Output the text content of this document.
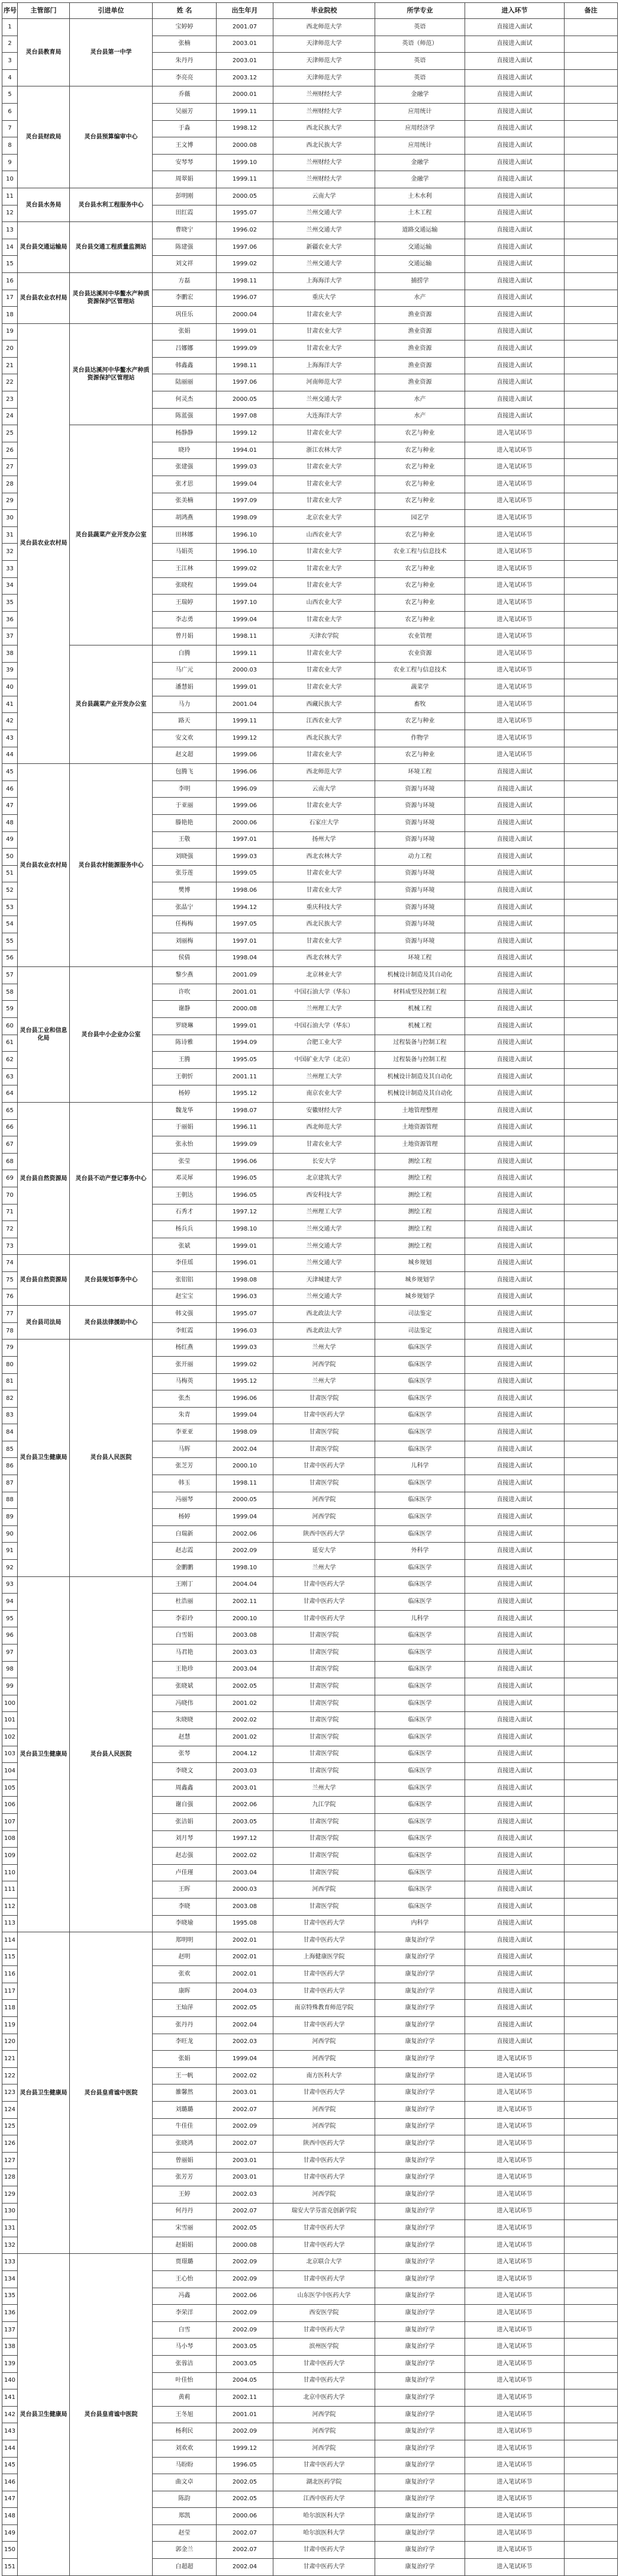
序号	主管部门	引进单位	姓 名	出生年月	毕业院校	所学专业	进入环节	备注
1	灵台县教育局	灵台县第一中学	宝婷婷	2001.07	西北师范大学	英语	直接进入面试	
2			张楠	2003.01	天津师范大学	英语（师范）	直接进入面试	
3			朱丹丹	2003.01	天津师范大学	英语	直接进入面试	
4			李亮亮	2003.12	天津师范大学	英语	直接进入面试	
5	灵台县财政局	灵台县预算编审中心	乔薇	2000.01	兰州财经大学	金融学	直接进入面试	
6			吴丽芳	1999.11	兰州财经大学	应用统计	直接进入面试	
7			于淼	1998.12	西北民族大学	应用经济学	直接进入面试	
8			王文博	2000.08	西北民族大学	应用统计	直接进入面试	
9			安琴琴	1999.10	兰州财经大学	金融学	直接进入面试	
10			周翠娟	1999.11	兰州财经大学	金融学	直接进入面试	
11	灵台县水务局	灵台县水利工程服务中心	彭明刚	2000.05	云南大学	土木水利	直接进入面试	
12			田红霞	1995.07	兰州交通大学	土木工程	直接进入面试	
13	灵台县交通运输局	灵台县交通工程质量监测站	曹晓宁	1996.02	兰州交通大学	道路交通运输	直接进入面试	
14			陈建强	1997.06	新疆农业大学	交通运输	直接进入面试	
15			刘文祥	1999.02	兰州交通大学	交通运输	直接进入面试	
16	灵台县农业农村局	灵台县达溪河中华鳖水产种质资源保护区管理站	方磊	1998.11	上海海洋大学	捕捞学	直接进入面试	
17			李鹏宏	1996.07	重庆大学	水产	直接进入面试	
18			巩佳乐	2000.04	甘肃农业大学	渔业资源	直接进入面试	
19	灵台县农业农村局	灵台县达溪河中华鳖水产种质资源保护区管理站	张娟	1999.01	甘肃农业大学	渔业资源	直接进入面试	
20			吕娜娜	1999.09	甘肃农业大学	渔业资源	直接进入面试	
21			韩鑫鑫	1998.11	上海海洋大学	渔业资源	直接进入面试	
22			陆丽丽	1997.06	河南师范大学	渔业资源	直接进入面试	
23			何灵杰	2000.05	兰州交通大学	水产	直接进入面试	
24			陈蓝强	1997.08	大连海洋大学	水产	直接进入面试	
25		灵台县蔬菜产业开发办公室	杨静静	1999.12	甘肃农业大学	农艺与种业	进入笔试环节	
26			晓玲	1994.01	浙江农林大学	农艺与种业	进入笔试环节	
27			张建强	1999.03	甘肃农业大学	农艺与种业	进入笔试环节	
28			张才思	1999.04	甘肃农业大学	农艺与种业	进入笔试环节	
29			张美楠	1997.09	甘肃农业大学	农艺与种业	进入笔试环节	
30			胡鸿燕	1998.09	北京农业大学	园艺学	进入笔试环节	
31			田林娜	1996.10	山西农业大学	农艺与种业	进入笔试环节	
32			马娟英	1996.10	甘肃农业大学	农业工程与信息技术	进入笔试环节	
33			王江林	1999.02	甘肃农业大学	农艺与种业	进入笔试环节	
34			张晓程	1999.04	甘肃农业大学	农艺与种业	进入笔试环节	
35			王瑞婷	1997.10	山西农业大学	农艺与种业	进入笔试环节	
36			李志勇	1999.04	甘肃农业大学	农艺与种业	进入笔试环节	
37			曾月娟	1998.11	天津农学院	农业管理	进入笔试环节	
38		灵台县蔬菜产业开发办公室	白腾	1999.11	甘肃农业大学	农业资源	进入笔试环节	
39			马广元	2000.03	甘肃农业大学	农业工程与信息技术	进入笔试环节	
40			潘慧娟	1999.01	甘肃农业大学	蔬菜学	进入笔试环节	
41			马力	2001.04	西藏民族大学	畜牧	进入笔试环节	
42			路天	1999.11	江西农业大学	农艺与种业	进入笔试环节	
43			安文欢	1999.12	西北民族大学	作物学	进入笔试环节	
44			赵文超	1999.06	甘肃农业大学	农艺与种业	进入笔试环节	
45	灵台县农业农村局	灵台县农村能源服务中心	包腾飞	1996.06	西北师范大学	环境工程	直接进入面试	
46			李明	1996.09	云南大学	资源与环境	直接进入面试	
47			于亚丽	1999.06	甘肃农业大学	资源与环境	直接进入面试	
48			滕艳艳	2000.06	石家庄大学	资源与环境	直接进入面试	
49			王敬	1997.01	扬州大学	资源与环境	直接进入面试	
50			刘晓强	1999.03	西北农林大学	动力工程	直接进入面试	
51			张芬莲	1999.05	甘肃农业大学	资源与环境	直接进入面试	
52			樊博	1998.06	甘肃农业大学	资源与环境	直接进入面试	
53			张晶宁	1994.12	重庆科技大学	资源与环境	直接进入面试	
54			任梅梅	1997.05	西北民族大学	资源与环境	直接进入面试	
55			刘丽梅	1997.01	甘肃农业大学	资源与环境	直接进入面试	
56			侯倩	1998.04	西北农林大学	环境工程	直接进入面试	
57	灵台县工业和信息化局	灵台县中小企业办公室	黎少燕	2001.09	北京林业大学	机械设计制造及其自动化	直接进入面试	
58			许吹	2001.01	中国石油大学（华东）	材料成型及控制工程	直接进入面试	
59			谢静	2000.08	兰州理工大学	机械工程	直接进入面试	
60			罗晓琳	1999.01	中国石油大学（华东）	机械工程	直接进入面试	
61			陈诗雅	1994.09	合肥工业大学	过程装备与控制工程	直接进入面试	
62			王腾	1995.05	中国矿业大学（北京）	过程装备与控制工程	直接进入面试	
63			王朝忻	2001.11	兰州理工大学	机械设计制造及其自动化	直接进入面试	
64			杨婷	1995.12	南京农业大学	机械设计制造及其自动化	直接进入面试	
65	灵台县自然资源局	灵台县不动产登记事务中心	魏龙华	1998.07	安徽财经大学	土地管理整理	直接进入面试	
66			于丽娟	1996.11	西北师范大学	土地资源管理	直接进入面试	
67			张永怡	1999.09	甘肃农业大学	土地资源管理	直接进入面试	
68			张莹	1996.06	长安大学	测绘工程	直接进入面试	
69			邓灵犀	1996.05	北京建筑大学	测绘工程	直接进入面试	
70			王朝达	1996.05	西安科技大学	测绘工程	直接进入面试	
71			石秀才	1997.12	兰州理工大学	测绘工程	直接进入面试	
72			杨兵兵	1998.10	兰州交通大学	测绘工程	直接进入面试	
73			张斌	1999.01	兰州交通大学	测绘工程	直接进入面试	
74	灵台县自然资源局	灵台县规划事务中心	李佳瑶	1996.01	兰州交通大学	城乡规划	直接进入面试	
75			张铝铝	1998.08	天津城建大学	城乡规划学	直接进入面试	
76			赵宝宝	1996.03	兰州交通大学	城乡规划学	直接进入面试	
77	灵台县司法局	灵台县法律援助中心	韩文强	1995.07	西北政法大学	司法鉴定	直接进入面试	
78			李虹霞	1996.03	西北政法大学	司法鉴定	直接进入面试	
79	灵台县卫生健康局	灵台县人民医院	杨红燕	1999.03	兰州大学	临床医学	直接进入面试	
80			张开丽	1999.02	河西学院	临床医学	直接进入面试	
81			马梅英	1995.12	兰州大学	临床医学	直接进入面试	
82			张杰	1996.06	甘肃医学院	临床医学	直接进入面试	
83			朱青	1999.04	甘肃中医药大学	临床医学	直接进入面试	
84			李亚亚	1998.09	甘肃医学院	临床医学	直接进入面试	
85			马辉	2002.04	甘肃医学院	临床医学	直接进入面试	
86			张芝芳	2000.10	甘肃中医药大学	儿科学	直接进入面试	
87			韩玉	1998.11	甘肃医学院	临床医学	直接进入面试	
88			冯丽琴	2000.05	河西学院	临床医学	直接进入面试	
89			杨婷	1999.04	河西学院	临床医学	直接进入面试	
90			白瑞新	2002.06	陕西中医药大学	临床医学	直接进入面试	
91			赵志霞	2002.09	延安大学	外科学	直接进入面试	
92			金鹏鹏	1998.10	兰州大学	临床医学	直接进入面试	
93	灵台县卫生健康局	灵台县人民医院	王刚丁	2004.04	甘肃中医药大学	临床医学	直接进入面试	
94			杜浩丽	2002.11	甘肃中医药大学	临床医学	直接进入面试	
95			李彩玲	2000.10	甘肃中医药大学	儿科学	直接进入面试	
96			白雪娟	2003.08	甘肃医学院	临床医学	直接进入面试	
97			马君艳	2003.03	甘肃医学院	临床医学	直接进入面试	
98			王艳珍	2003.04	甘肃医学院	临床医学	直接进入面试	
99			张晓斌	2002.05	甘肃医学院	临床医学	直接进入面试	
100			冯晓伟	2001.02	甘肃医学院	临床医学	直接进入面试	
101			朱晓晓	2002.02	甘肃医学院	临床医学	直接进入面试	
102			赵慧	2001.02	甘肃医学院	临床医学	直接进入面试	
103			张琴	2004.12	甘肃医学院	临床医学	直接进入面试	
104			李晓文	2003.03	甘肃医学院	临床医学	直接进入面试	
105			周鑫鑫	2003.01	兰州大学	临床医学	直接进入面试	
106			谢自强	2002.06	九江学院	临床医学	直接进入面试	
107			张洁娟	2003.05	甘肃医学院	临床医学	直接进入面试	
108			刘月琴	1997.12	甘肃医学院	临床医学	直接进入面试	
109			赵志强	2002.02	甘肃医学院	临床医学	直接进入面试	
110			卢佳瑾	2003.04	甘肃医学院	临床医学	直接进入面试	
111			王晖	2000.03	河西学院	临床医学	直接进入面试	
112			李晓	2003.08	甘肃医学院	临床医学	直接进入面试	
113			李晓瑜	1995.08	甘肃中医药大学	内科学	直接进入面试	
114	灵台县卫生健康局	灵台县皇甫谧中医院	郑明明	2002.01	甘肃中医药大学	康复治疗学	直接进入面试	
115			赵明	2002.01	上海健康医学院	康复治疗学	直接进入面试	
116			张欢	2002.01	甘肃中医药大学	康复治疗学	直接进入面试	
117			康晖	2004.03	甘肃中医药大学	康复治疗学	直接进入面试	
118			王灿萍	2002.05	南京特殊教育师范学院	康复治疗学	直接进入面试	
119			张丹丹	2002.04	甘肃中医药大学	康复治疗学	直接进入面试	
120			李旺龙	2002.03	河西学院	康复治疗学	直接进入面试	
121			张娟	1999.04	河西学院	康复治疗学	进入笔试环节	
122			王一帆	2002.02	南方医科大学	康复治疗学	进入笔试环节	
123			雒馨然	2003.01	甘肃中医药大学	康复治疗学	进入笔试环节	
124			刘璐璐	2002.07	河西学院	康复治疗学	进入笔试环节	
125			牛佳佳	2002.09	河西学院	康复治疗学	进入笔试环节	
126			张晓鸿	2002.07	陕西中医药大学	康复治疗学	进入笔试环节	
127			曾丽娟	2003.01	甘肃中医药大学	康复治疗学	进入笔试环节	
128			张芳芳	2003.01	甘肃中医药大学	康复治疗学	进入笔试环节	
129			王婷	2002.03	河西学院	康复治疗学	进入笔试环节	
130			何丹丹	2002.07	瑞安大学芬雷克创新学院	康复治疗学	进入笔试环节	
131			宋雪丽	2002.05	甘肃中医药大学	康复治疗学	进入笔试环节	
132			赵娟娟	2000.08	甘肃中医药大学	康复治疗学	进入笔试环节	
133	灵台县卫生健康局	灵台县皇甫谧中医院	贾璟璐	2002.09	北京联合大学	康复治疗学	进入笔试环节	
134			王心怡	2002.09	甘肃中医药大学	康复治疗学	进入笔试环节	
135			冯鑫	2002.06	山东医学中医药大学	康复治疗学	进入笔试环节	
136			李荣洋	2002.09	西安医学院	康复治疗学	进入笔试环节	
137			白雪	2002.09	甘肃中医药大学	康复治疗学	进入笔试环节	
138			马小琴	2003.05	滨州医学院	康复治疗学	进入笔试环节	
139			张蓉洁	2003.05	甘肃中医药大学	康复治疗学	进入笔试环节	
140			叶佳怡	2004.05	甘肃中医药大学	康复治疗学	进入笔试环节	
141			黄莉	2002.11	北京中医药大学	康复治疗学	进入笔试环节	
142			王冬旭	2001.01	河西学院	康复治疗学	进入笔试环节	
143			杨利民	2002.09	河西学院	康复治疗学	进入笔试环节	
144			刘欢欢	1999.12	河西学院	康复治疗学	进入笔试环节	
145			马盼盼	1996.05	甘肃中医药大学	康复治疗学	进入笔试环节	
146			曲文卓	2002.05	湖北医药学院	康复治疗学	进入笔试环节	
147			陈韵	2002.05	江西中医药大学	康复治疗学	进入笔试环节	
148			郑凯	2000.06	哈尔滨医科大学	康复治疗学	进入笔试环节	
149			赵莹	2002.07	哈尔滨医科大学	康复治疗学	进入笔试环节	
150			郭金兰	2002.07	甘肃中医药大学	康复治疗学	进入笔试环节	
151			白超超	2002.04	甘肃中医药大学	康复治疗学	进入笔试环节	
